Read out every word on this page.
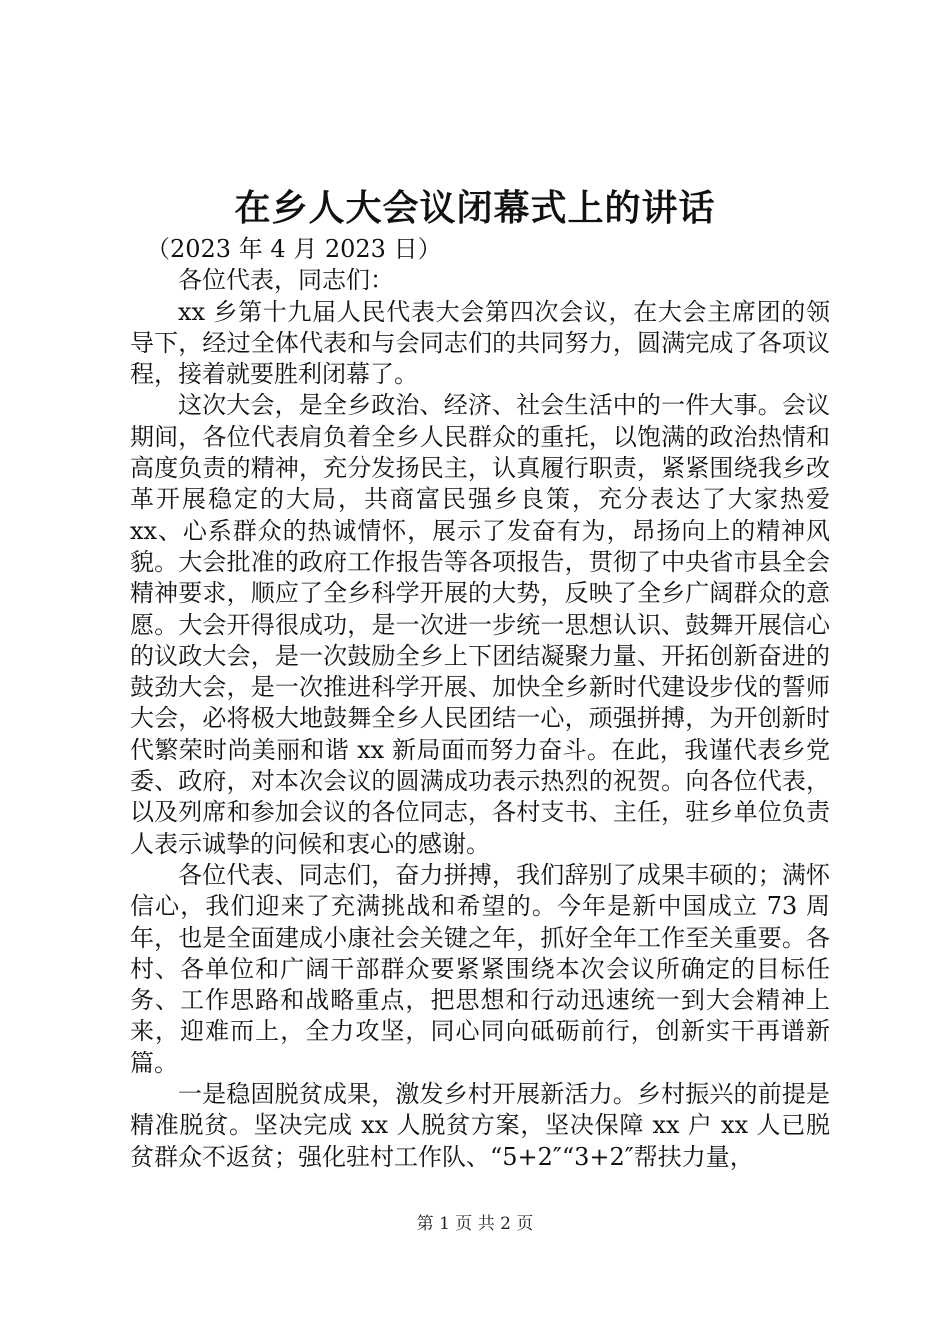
在乡人大会议闭幕式上的讲话

（2023 年 4 月 2023 日）

各位代表，同志们：

xx 乡第十九届人民代表大会第四次会议，在大会主席团的领导下，经过全体代表和与会同志们的共同努力，圆满完成了各项议程，接着就要胜利闭幕了。

这次大会，是全乡政治、经济、社会生活中的一件大事。会议期间，各位代表肩负着全乡人民群众的重托，以饱满的政治热情和高度负责的精神，充分发扬民主，认真履行职责，紧紧围绕我乡改革开展稳定的大局，共商富民强乡良策，充分表达了大家热爱 xx、心系群众的热诚情怀，展示了发奋有为，昂扬向上的精神风貌。大会批准的政府工作报告等各项报告，贯彻了中央省市县全会精神要求，顺应了全乡科学开展的大势，反映了全乡广阔群众的意愿。大会开得很成功，是一次进一步统一思想认识、鼓舞开展信心的议政大会，是一次鼓励全乡上下团结凝聚力量、开拓创新奋进的鼓劲大会，是一次推进科学开展、加快全乡新时代建设步伐的誓师大会，必将极大地鼓舞全乡人民团结一心，顽强拼搏，为开创新时代繁荣时尚美丽和谐 xx 新局面而努力奋斗。在此，我谨代表乡党委、政府，对本次会议的圆满成功表示热烈的祝贺。向各位代表，以及列席和参加会议的各位同志，各村支书、主任，驻乡单位负责人表示诚挚的问候和衷心的感谢。

各位代表、同志们，奋力拼搏，我们辞别了成果丰硕的；满怀信心，我们迎来了充满挑战和希望的。今年是新中国成立 73 周年，也是全面建成小康社会关键之年，抓好全年工作至关重要。各村、各单位和广阔干部群众要紧紧围绕本次会议所确定的目标任务、工作思路和战略重点，把思想和行动迅速统一到大会精神上来，迎难而上，全力攻坚，同心同向砥砺前行，创新实干再谱新篇。

一是稳固脱贫成果，激发乡村开展新活力。乡村振兴的前提是精准脱贫。坚决完成 xx 人脱贫方案，坚决保障 xx 户 xx 人已脱贫群众不返贫；强化驻村工作队、“5+2″“3+2″帮扶力量，

第 1 页 共 2 页
